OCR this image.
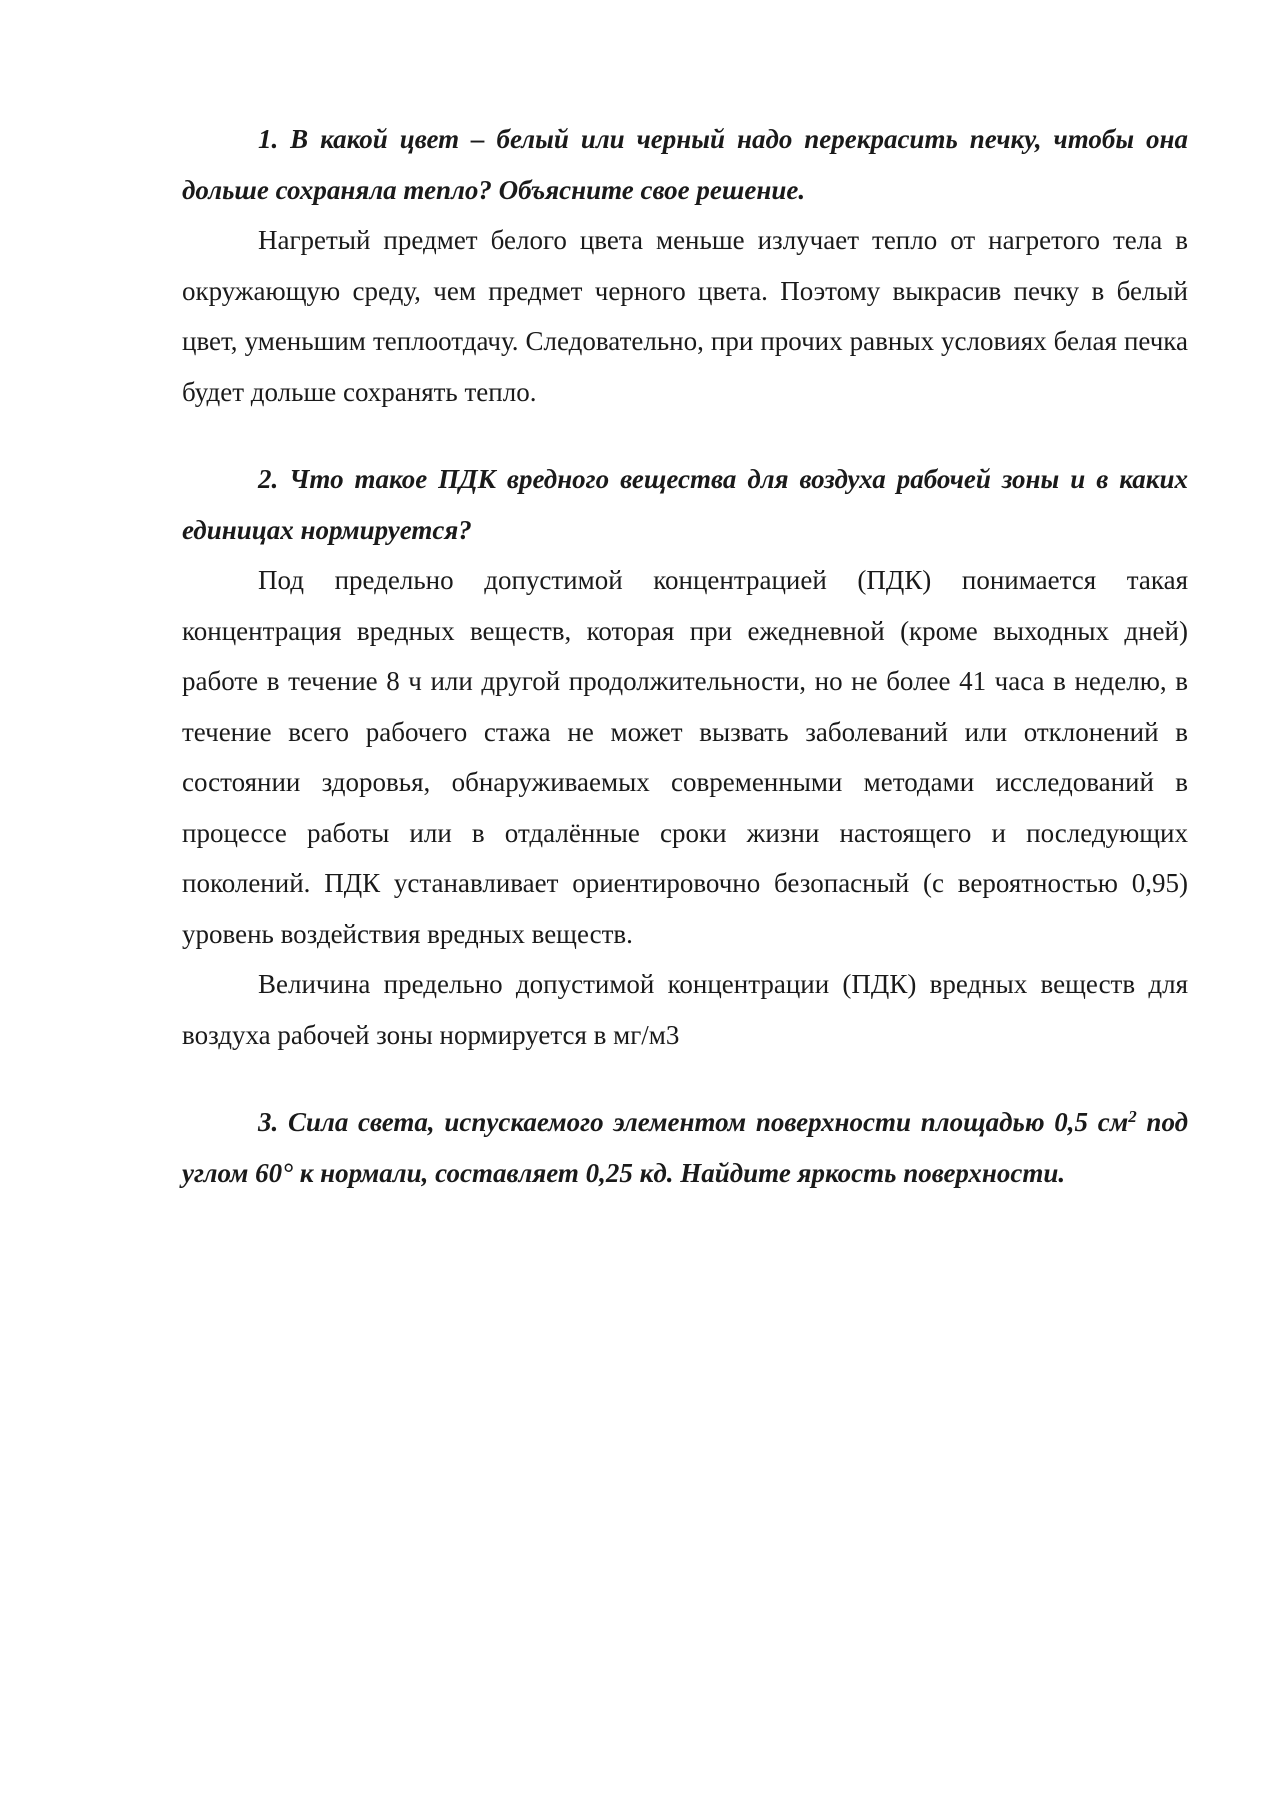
1. В какой цвет – белый или черный надо перекрасить печку, чтобы она дольше сохраняла тепло? Объясните свое решение.

Нагретый предмет белого цвета меньше излучает тепло от нагретого тела в окружающую среду, чем предмет черного цвета. Поэтому выкрасив печку в белый цвет, уменьшим теплоотдачу. Следовательно, при прочих равных условиях белая печка будет дольше сохранять тепло.

2. Что такое ПДК вредного вещества для воздуха рабочей зоны и в каких единицах нормируется?

Под предельно допустимой концентрацией (ПДК) понимается такая концентрация вредных веществ, которая при ежедневной (кроме выходных дней) работе в течение 8 ч или другой продолжительности, но не более 41 часа в неделю, в течение всего рабочего стажа не может вызвать заболеваний или отклонений в состоянии здоровья, обнаруживаемых современными методами исследований в процессе работы или в отдалённые сроки жизни настоящего и последующих поколений. ПДК устанавливает ориентировочно безопасный (с вероятностью 0,95) уровень воздействия вредных веществ.

Величина предельно допустимой концентрации (ПДК) вредных веществ для воздуха рабочей зоны нормируется в мг/м3

3. Сила света, испускаемого элементом поверхности площадью 0,5 $см^2$ под углом 60° к нормали, составляет 0,25 кд. Найдите яркость поверхности.
